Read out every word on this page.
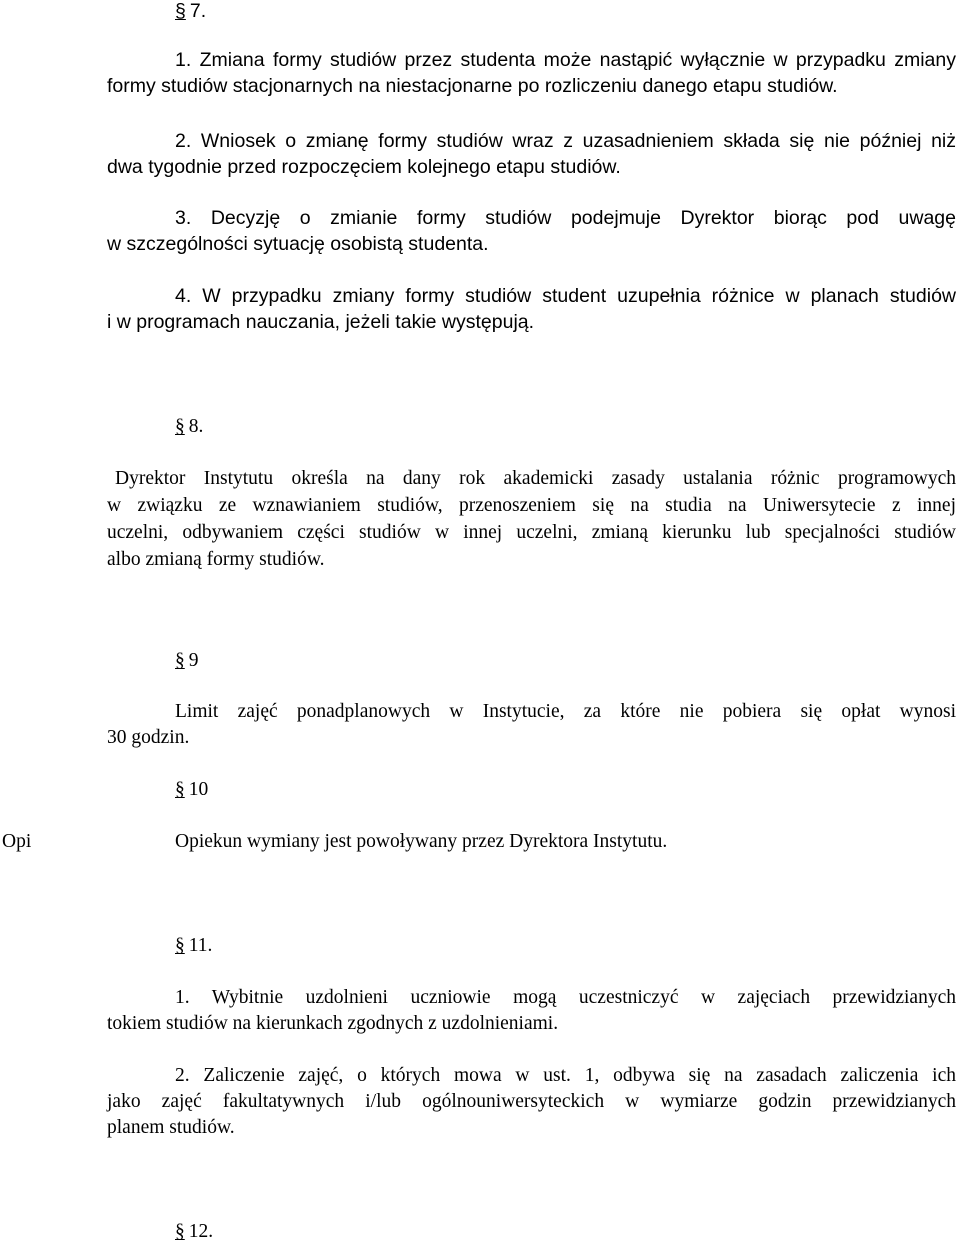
§ 7.
1. Zmiana formy studiów przez studenta może nastąpić wyłącznie w przypadku zmiany
formy studiów stacjonarnych na niestacjonarne po rozliczeniu danego etapu studiów.
2. Wniosek o zmianę formy studiów wraz z uzasadnieniem składa się nie później niż
dwa tygodnie przed rozpoczęciem kolejnego etapu studiów.
3. Decyzję o zmianie formy studiów podejmuje Dyrektor biorąc pod uwagę
w szczególności sytuację osobistą studenta.
4. W przypadku zmiany formy studiów student uzupełnia różnice w planach studiów
i w programach nauczania, jeżeli takie występują.
§ 8.
Dyrektor Instytutu określa na dany rok akademicki zasady ustalania różnic programowych
w związku ze wznawianiem studiów, przenoszeniem się na studia na Uniwersytecie z innej
uczelni, odbywaniem części studiów w innej uczelni, zmianą kierunku lub specjalności studiów
albo zmianą formy studiów.
§ 9
Limit zajęć ponadplanowych w Instytucie, za które nie pobiera się opłat wynosi
30 godzin.
§ 10
Opi	Opiekun wymiany jest powoływany przez Dyrektora Instytutu.
§ 11.
1. Wybitnie uzdolnieni uczniowie mogą uczestniczyć w zajęciach przewidzianych
tokiem studiów na kierunkach zgodnych z uzdolnieniami.
2. Zaliczenie zajęć, o których mowa w ust. 1, odbywa się na zasadach zaliczenia ich
jako zajęć fakultatywnych i/lub ogólnouniwersyteckich w wymiarze godzin przewidzianych
planem studiów.
§ 12.
